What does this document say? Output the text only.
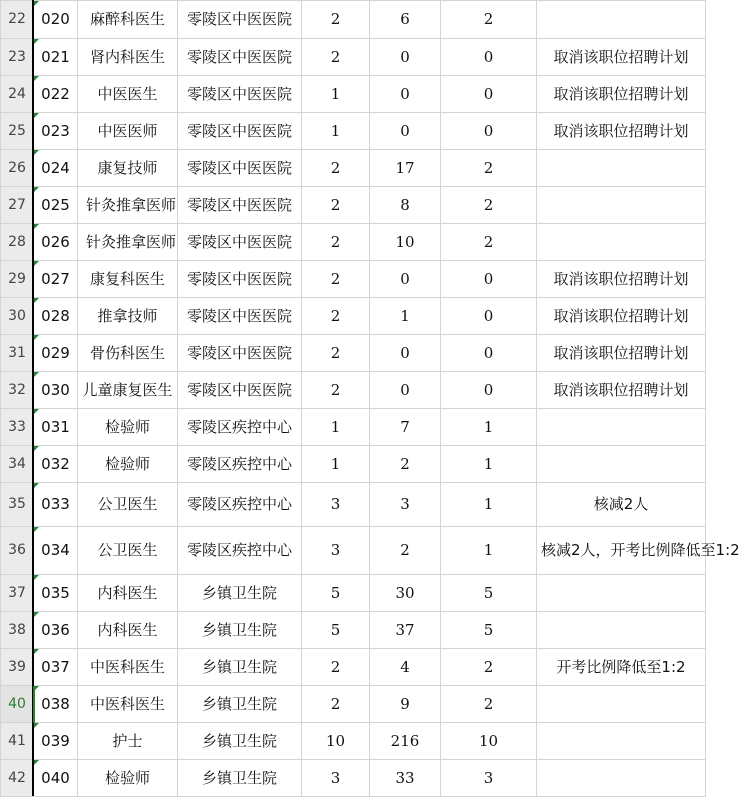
22	020	麻醉科医生	零陵区中医医院	2	6	2	
23	021	肾内科医生	零陵区中医医院	2	0	0	取消该职位招聘计划
24	022	中医医生	零陵区中医医院	1	0	0	取消该职位招聘计划
25	023	中医医师	零陵区中医医院	1	0	0	取消该职位招聘计划
26	024	康复技师	零陵区中医医院	2	17	2	
27	025	针灸推拿医师	零陵区中医医院	2	8	2	
28	026	针灸推拿医师	零陵区中医医院	2	10	2	
29	027	康复科医生	零陵区中医医院	2	0	0	取消该职位招聘计划
30	028	推拿技师	零陵区中医医院	2	1	0	取消该职位招聘计划
31	029	骨伤科医生	零陵区中医医院	2	0	0	取消该职位招聘计划
32	030	儿童康复医生	零陵区中医医院	2	0	0	取消该职位招聘计划
33	031	检验师	零陵区疾控中心	1	7	1	
34	032	检验师	零陵区疾控中心	1	2	1	
35	033	公卫医生	零陵区疾控中心	3	3	1	核减2人
36	034	公卫医生	零陵区疾控中心	3	2	1	核减2人，开考比例降低至1:2
37	035	内科医生	乡镇卫生院	5	30	5	
38	036	内科医生	乡镇卫生院	5	37	5	
39	037	中医科医生	乡镇卫生院	2	4	2	开考比例降低至1:2
40	038	中医科医生	乡镇卫生院	2	9	2	
41	039	护士	乡镇卫生院	10	216	10	
42	040	检验师	乡镇卫生院	3	33	3	
